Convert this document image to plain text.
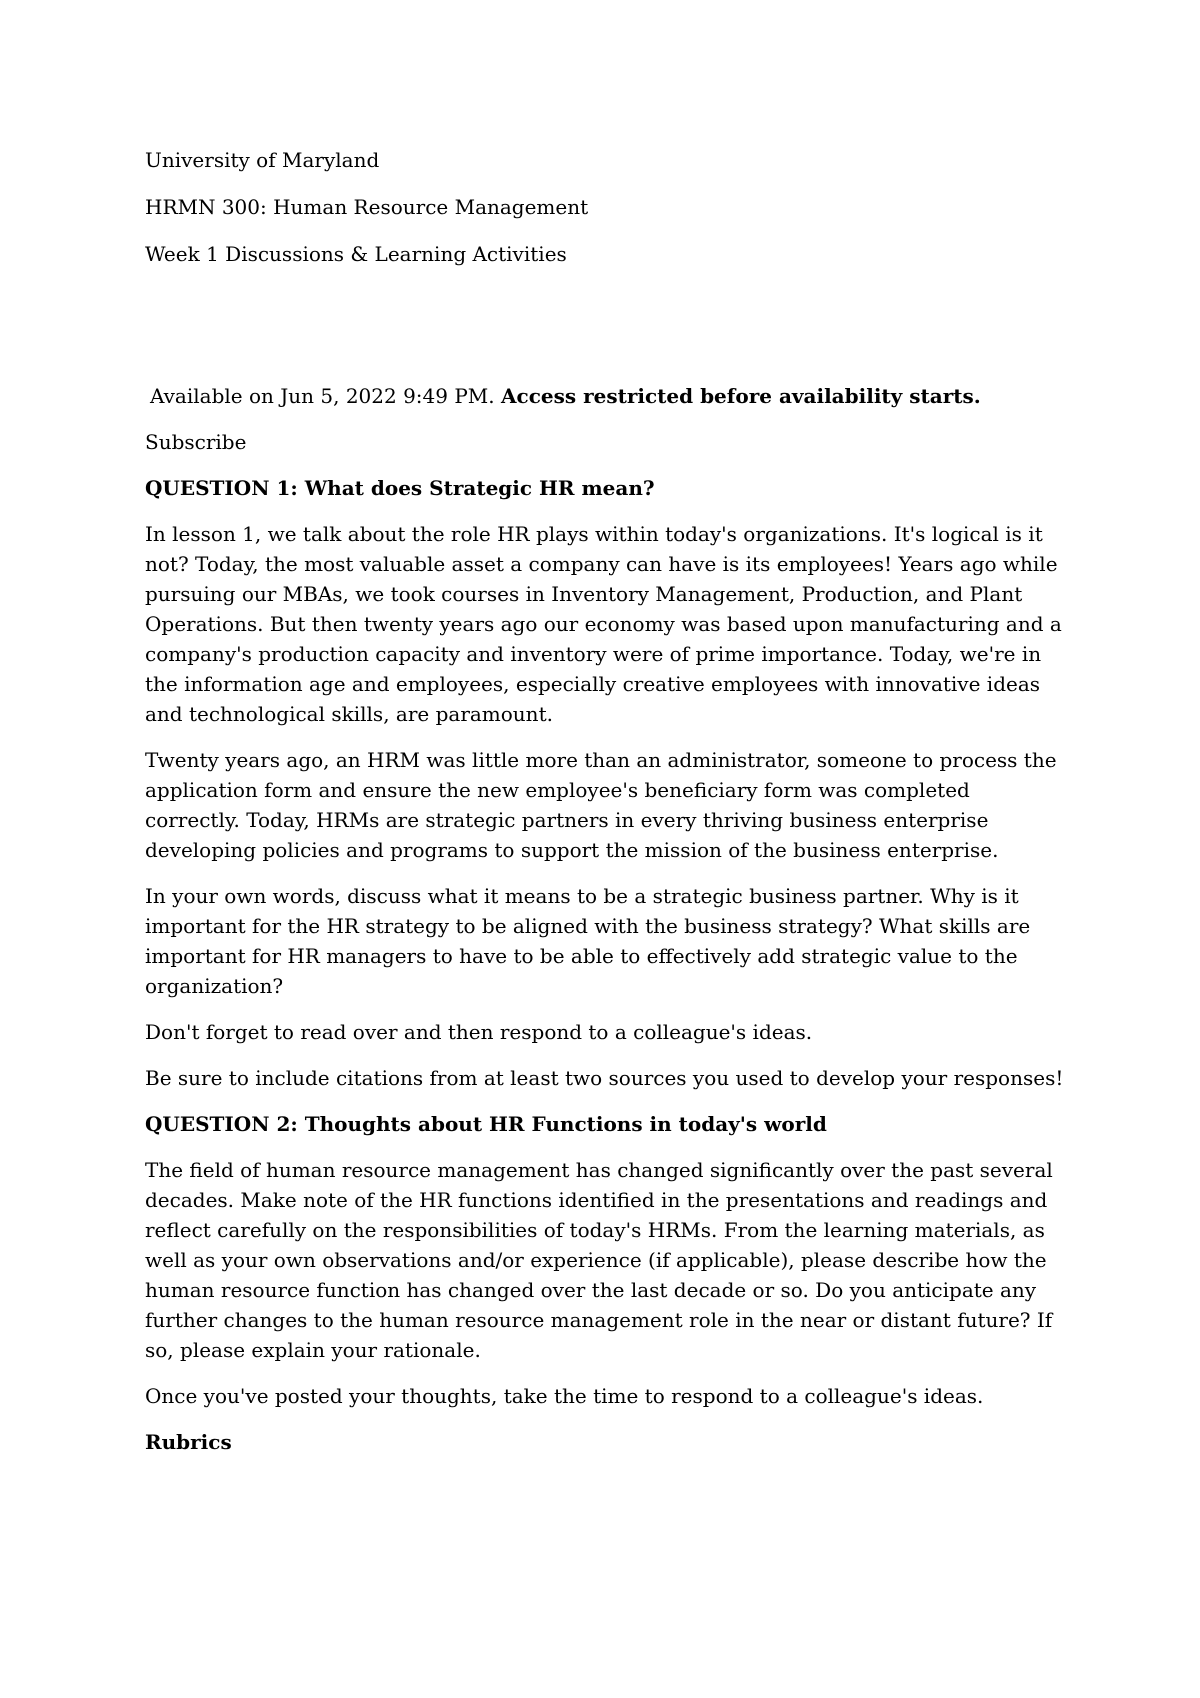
University of Maryland

HRMN 300: Human Resource Management

Week 1 Discussions & Learning Activities

Available on Jun 5, 2022 9:49 PM. Access restricted before availability starts.

Subscribe

QUESTION 1: What does Strategic HR mean?

In lesson 1, we talk about the role HR plays within today's organizations. It's logical is it not? Today, the most valuable asset a company can have is its employees! Years ago while pursuing our MBAs, we took courses in Inventory Management, Production, and Plant Operations. But then twenty years ago our economy was based upon manufacturing and a company's production capacity and inventory were of prime importance. Today, we're in the information age and employees, especially creative employees with innovative ideas and technological skills, are paramount.

Twenty years ago, an HRM was little more than an administrator, someone to process the application form and ensure the new employee's beneficiary form was completed correctly. Today, HRMs are strategic partners in every thriving business enterprise developing policies and programs to support the mission of the business enterprise.

In your own words, discuss what it means to be a strategic business partner. Why is it important for the HR strategy to be aligned with the business strategy? What skills are important for HR managers to have to be able to effectively add strategic value to the organization?

Don't forget to read over and then respond to a colleague's ideas.

Be sure to include citations from at least two sources you used to develop your responses!

QUESTION 2: Thoughts about HR Functions in today's world

The field of human resource management has changed significantly over the past several decades. Make note of the HR functions identified in the presentations and readings and reflect carefully on the responsibilities of today's HRMs. From the learning materials, as well as your own observations and/or experience (if applicable), please describe how the human resource function has changed over the last decade or so. Do you anticipate any further changes to the human resource management role in the near or distant future? If so, please explain your rationale.

Once you've posted your thoughts, take the time to respond to a colleague's ideas.

Rubrics
